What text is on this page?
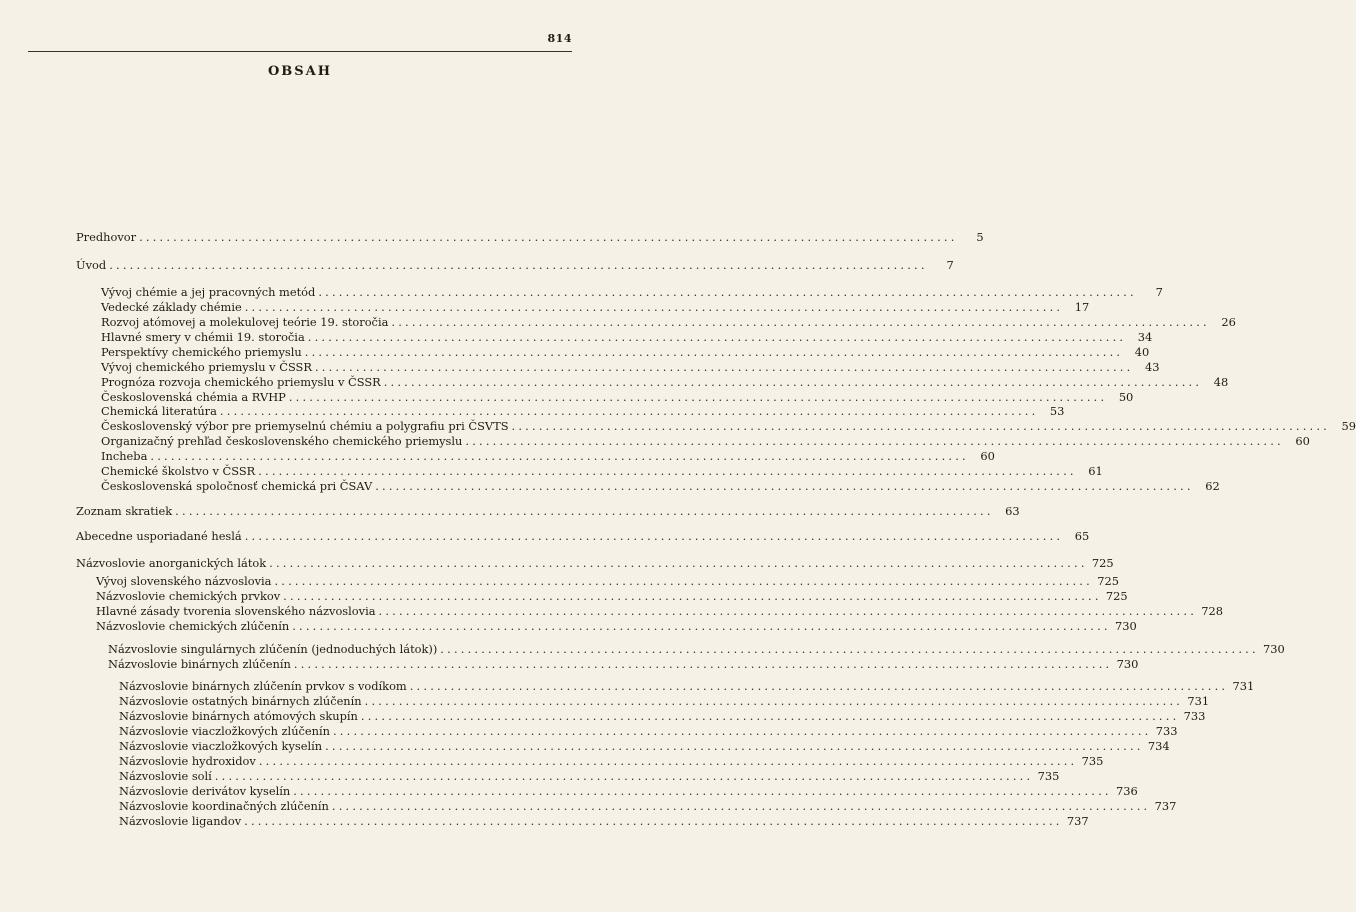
814
OBSAH
Predhovor ........................................................................................................................	5
Úvod ........................................................................................................................	7
Vývoj chémie a jej pracovných metód ........................................................................................................................	7
Vedecké základy chémie ........................................................................................................................	17
Rozvoj atómovej a molekulovej teórie 19. storočia ........................................................................................................................	26
Hlavné smery v chémii 19. storočia ........................................................................................................................	34
Perspektívy chemického priemyslu ........................................................................................................................	40
Vývoj chemického priemyslu v ČSSR ........................................................................................................................	43
Prognóza rozvoja chemického priemyslu v ČSSR ........................................................................................................................	48
Československá chémia a RVHP ........................................................................................................................	50
Chemická literatúra ........................................................................................................................	53
Československý výbor pre priemyselnú chémiu a polygrafiu pri ČSVTS ........................................................................................................................	59
Organizačný prehľad československého chemického priemyslu ........................................................................................................................	60
Incheba ........................................................................................................................	60
Chemické školstvo v ČSSR ........................................................................................................................	61
Československá spoločnosť chemická pri ČSAV ........................................................................................................................	62
Zoznam skratiek ........................................................................................................................	63
Abecedne usporiadané heslá ........................................................................................................................	65
Názvoslovie anorganických látok ........................................................................................................................ 725
Vývoj slovenského názvoslovia ........................................................................................................................ 725
Názvoslovie chemických prvkov ........................................................................................................................ 725
Hlavné zásady tvorenia slovenského názvoslovia ........................................................................................................................ 728
Názvoslovie chemických zlúčenín ........................................................................................................................ 730
Názvoslovie singulárnych zlúčenín (jednoduchých látok)) ........................................................................................................................ 730
Názvoslovie binárnych zlúčenín ........................................................................................................................ 730
Názvoslovie binárnych zlúčenín prvkov s vodíkom ........................................................................................................................ 731
Názvoslovie ostatných binárnych zlúčenín ........................................................................................................................ 731
Názvoslovie binárnych atómových skupín ........................................................................................................................ 733
Názvoslovie viaczložkových zlúčenín ........................................................................................................................ 733
Názvoslovie viaczložkových kyselín ........................................................................................................................ 734
Názvoslovie hydroxidov ........................................................................................................................ 735
Názvoslovie solí ........................................................................................................................ 735
Názvoslovie derivátov kyselín ........................................................................................................................ 736
Názvoslovie koordinačných zlúčenín ........................................................................................................................ 737
Názvoslovie ligandov ........................................................................................................................ 737
